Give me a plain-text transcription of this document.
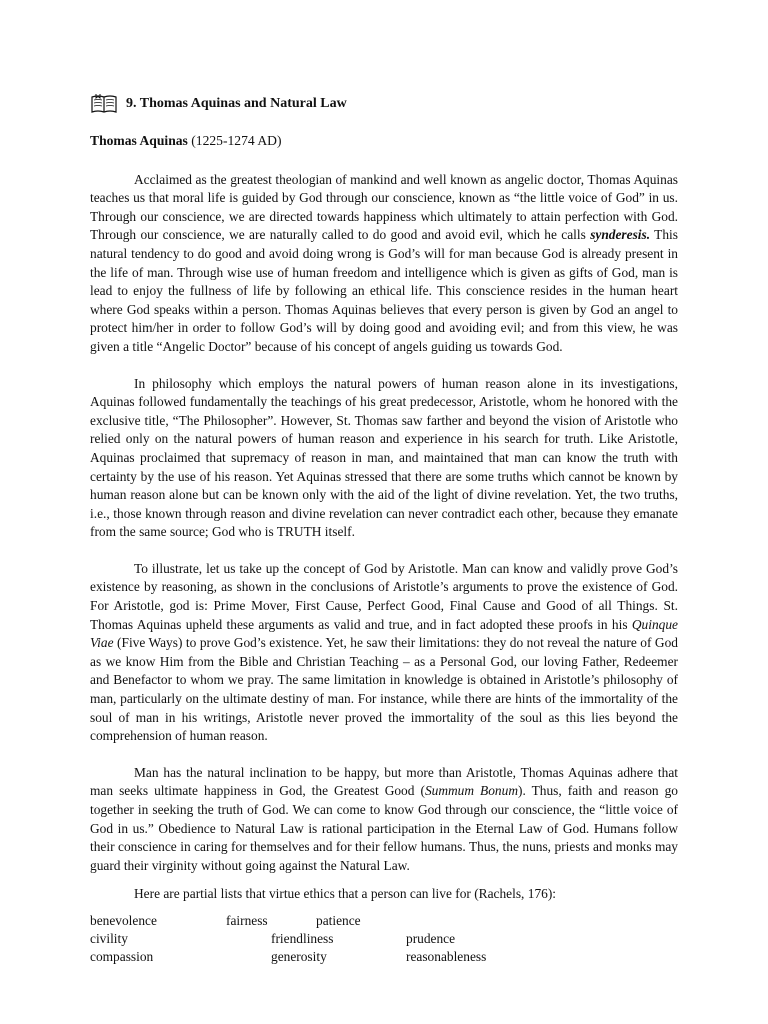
9. Thomas Aquinas and Natural Law
Thomas Aquinas (1225-1274 AD)

Acclaimed as the greatest theologian of mankind and well known as angelic doctor, Thomas Aquinas teaches us that moral life is guided by God through our conscience, known as “the little voice of God” in us. Through our conscience, we are directed towards happiness which ultimately to attain perfection with God. Through our conscience, we are naturally called to do good and avoid evil, which he calls synderesis. This natural tendency to do good and avoid doing wrong is God’s will for man because God is already present in the life of man. Through wise use of human freedom and intelligence which is given as gifts of God, man is lead to enjoy the fullness of life by following an ethical life. This conscience resides in the human heart where God speaks within a person. Thomas Aquinas believes that every person is given by God an angel to protect him/her in order to follow God’s will by doing good and avoiding evil; and from this view, he was given a title “Angelic Doctor” because of his concept of angels guiding us towards God.

In philosophy which employs the natural powers of human reason alone in its investigations, Aquinas followed fundamentally the teachings of his great predecessor, Aristotle, whom he honored with the exclusive title, “The Philosopher”. However, St. Thomas saw farther and beyond the vision of Aristotle who relied only on the natural powers of human reason and experience in his search for truth. Like Aristotle, Aquinas proclaimed that supremacy of reason in man, and maintained that man can know the truth with certainty by the use of his reason. Yet Aquinas stressed that there are some truths which cannot be known by human reason alone but can be known only with the aid of the light of divine revelation. Yet, the two truths, i.e., those known through reason and divine revelation can never contradict each other, because they emanate from the same source; God who is TRUTH itself.

To illustrate, let us take up the concept of God by Aristotle. Man can know and validly prove God’s existence by reasoning, as shown in the conclusions of Aristotle’s arguments to prove the existence of God. For Aristotle, god is: Prime Mover, First Cause, Perfect Good, Final Cause and Good of all Things. St. Thomas Aquinas upheld these arguments as valid and true, and in fact adopted these proofs in his Quinque Viae (Five Ways) to prove God’s existence. Yet, he saw their limitations: they do not reveal the nature of God as we know Him from the Bible and Christian Teaching – as a Personal God, our loving Father, Redeemer and Benefactor to whom we pray. The same limitation in knowledge is obtained in Aristotle’s philosophy of man, particularly on the ultimate destiny of man. For instance, while there are hints of the immortality of the soul of man in his writings, Aristotle never proved the immortality of the soul as this lies beyond the comprehension of human reason.

Man has the natural inclination to be happy, but more than Aristotle, Thomas Aquinas adhere that man seeks ultimate happiness in God, the Greatest Good (Summum Bonum). Thus, faith and reason go together in seeking the truth of God. We can come to know God through our conscience, the “little voice of God in us.” Obedience to Natural Law is rational participation in the Eternal Law of God. Humans follow their conscience in caring for themselves and for their fellow humans. Thus, the nuns, priests and monks may guard their virginity without going against the Natural Law.

Here are partial lists that virtue ethics that a person can live for (Rachels, 176):

benevolence	fairness	patience
civility	friendliness	prudence
compassion	generosity	reasonableness
